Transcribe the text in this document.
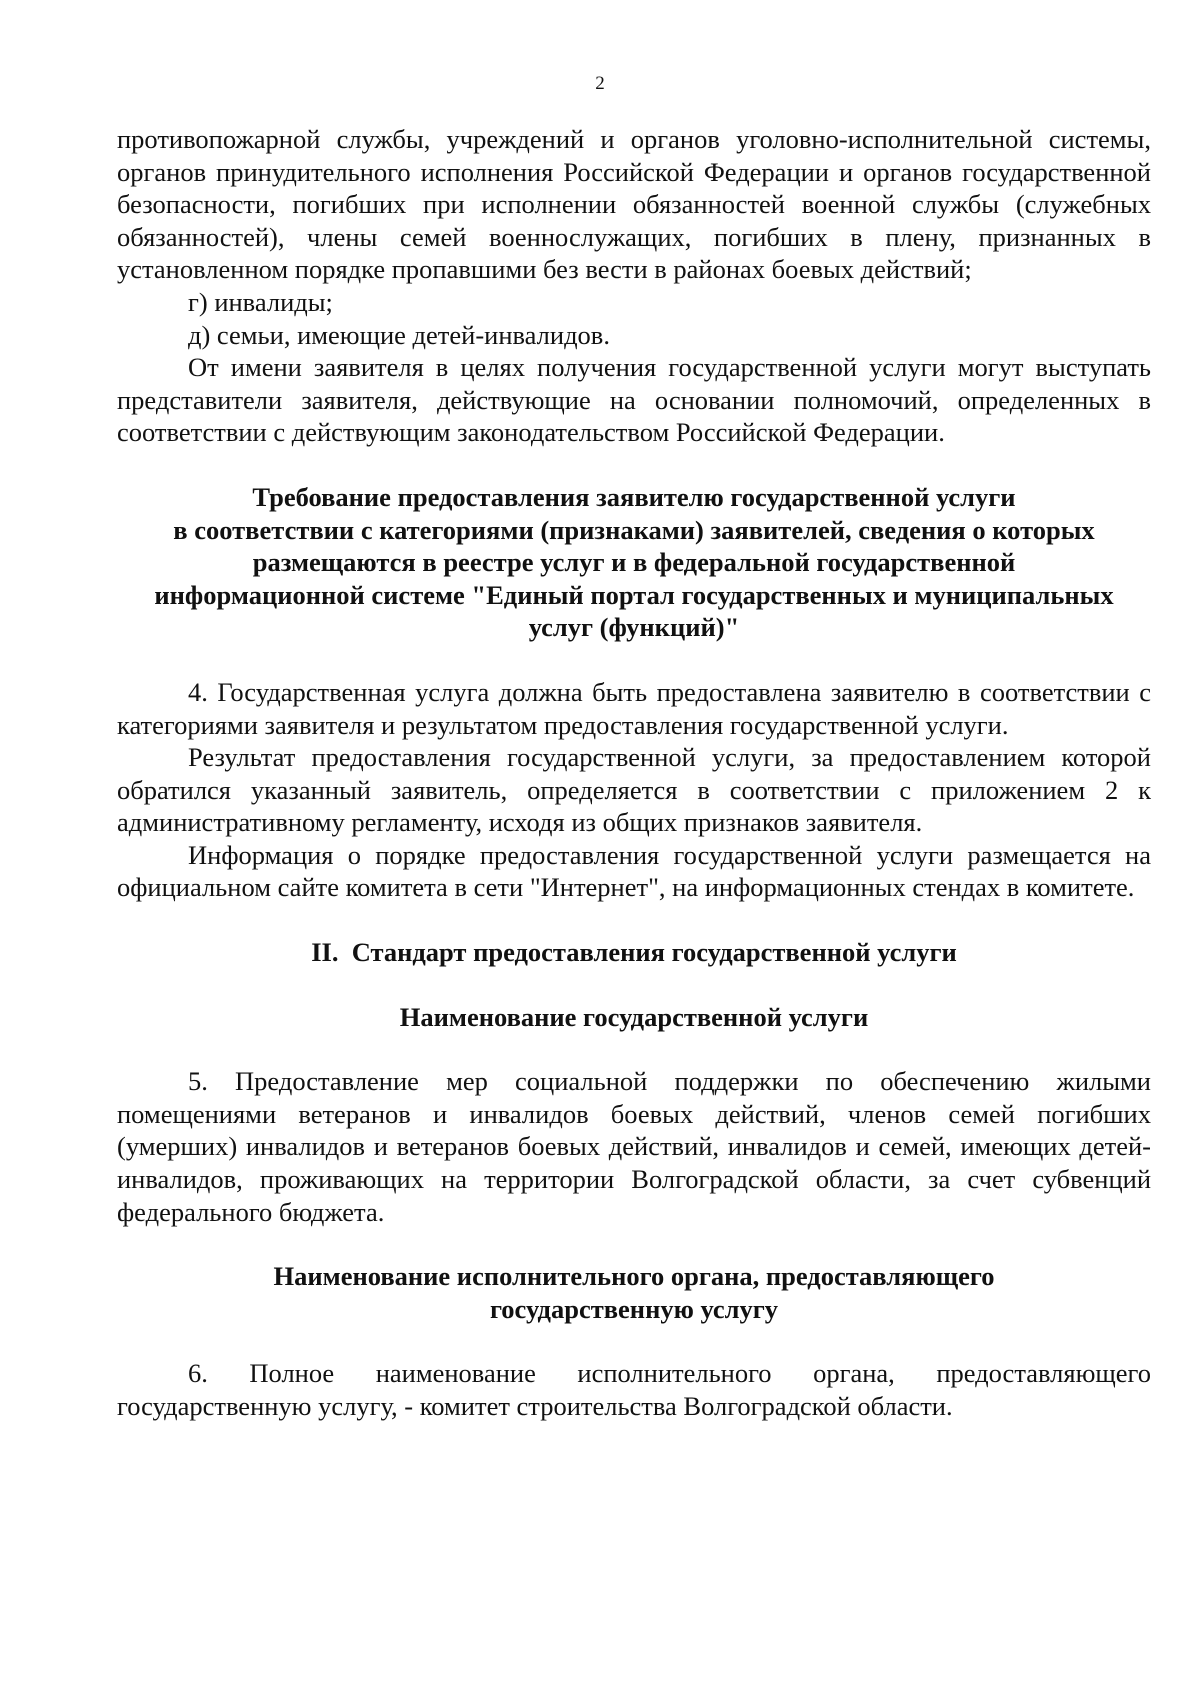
2

противопожарной службы, учреждений и органов уголовно-исполнительной системы, органов принудительного исполнения Российской Федерации и органов государственной безопасности, погибших при исполнении обязанностей военной службы (служебных обязанностей), члены семей военнослужащих, погибших в плену, признанных в установленном порядке пропавшими без вести в районах боевых действий;

г) инвалиды;

д) семьи, имеющие детей-инвалидов.

От имени заявителя в целях получения государственной услуги могут выступать представители заявителя, действующие на основании полномочий, определенных в соответствии с действующим законодательством Российской Федерации.

Требование предоставления заявителю государственной услуги
в соответствии с категориями (признаками) заявителей, сведения о которых
размещаются в реестре услуг и в федеральной государственной
информационной системе "Единый портал государственных и муниципальных
услуг (функций)"

4. Государственная услуга должна быть предоставлена заявителю в соответствии с категориями заявителя и результатом предоставления государственной услуги.

Результат предоставления государственной услуги, за предоставлением которой обратился указанный заявитель, определяется в соответствии с приложением 2 к административному регламенту, исходя из общих признаков заявителя.

Информация о порядке предоставления государственной услуги размещается на официальном сайте комитета в сети "Интернет", на информационных стендах в комитете.

II.  Стандарт предоставления государственной услуги
Наименование государственной услуги

5. Предоставление мер социальной поддержки по обеспечению жилыми помещениями ветеранов и инвалидов боевых действий, членов семей погибших (умерших) инвалидов и ветеранов боевых действий, инвалидов и семей, имеющих детей-инвалидов, проживающих на территории Волгоградской области, за счет субвенций федерального бюджета.

Наименование исполнительного органа, предоставляющего
государственную услугу

6. Полное наименование исполнительного органа, предоставляющего государственную услугу, - комитет строительства Волгоградской области.
